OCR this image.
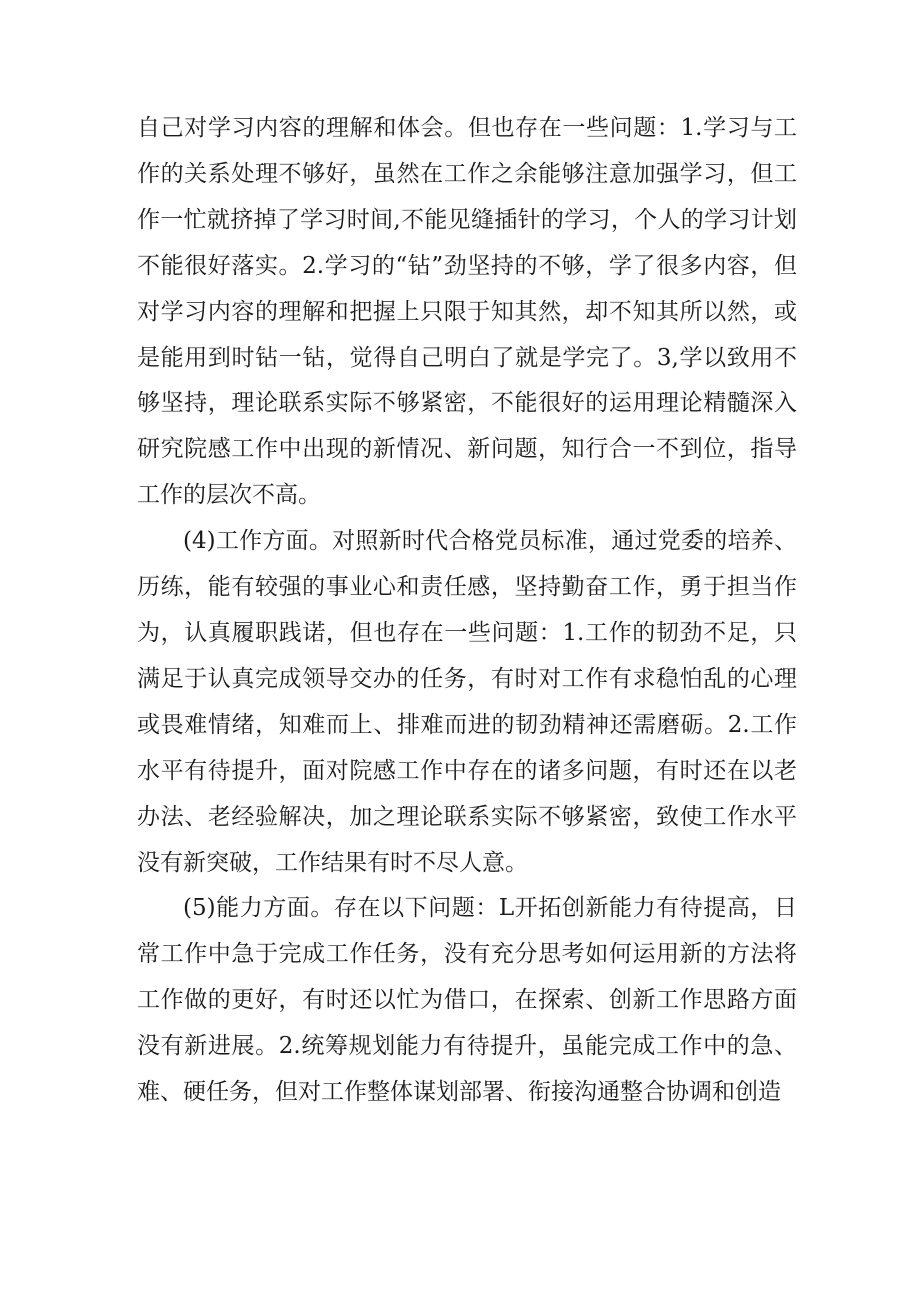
自己对学习内容的理解和体会。但也存在一些问题：1.学习与工作的关系处理不够好，虽然在工作之余能够注意加强学习，但工作一忙就挤掉了学习时间,不能见缝插针的学习，个人的学习计划不能很好落实。2.学习的“钻”劲坚持的不够，学了很多内容，但对学习内容的理解和把握上只限于知其然，却不知其所以然，或是能用到时钻一钻，觉得自己明白了就是学完了。3,学以致用不够坚持，理论联系实际不够紧密，不能很好的运用理论精髓深入研究院感工作中出现的新情况、新问题，知行合一不到位，指导工作的层次不高。

(4)工作方面。对照新时代合格党员标准，通过党委的培养、历练，能有较强的事业心和责任感，坚持勤奋工作，勇于担当作为，认真履职践诺，但也存在一些问题：1.工作的韧劲不足，只满足于认真完成领导交办的任务，有时对工作有求稳怕乱的心理或畏难情绪，知难而上、排难而进的韧劲精神还需磨砺。2.工作水平有待提升，面对院感工作中存在的诸多问题，有时还在以老办法、老经验解决，加之理论联系实际不够紧密，致使工作水平没有新突破，工作结果有时不尽人意。

(5)能力方面。存在以下问题：L开拓创新能力有待提高，日常工作中急于完成工作任务，没有充分思考如何运用新的方法将工作做的更好，有时还以忙为借口，在探索、创新工作思路方面没有新进展。2.统筹规划能力有待提升，虽能完成工作中的急、难、硬任务，但对工作整体谋划部署、衔接沟通整合协调和创造
